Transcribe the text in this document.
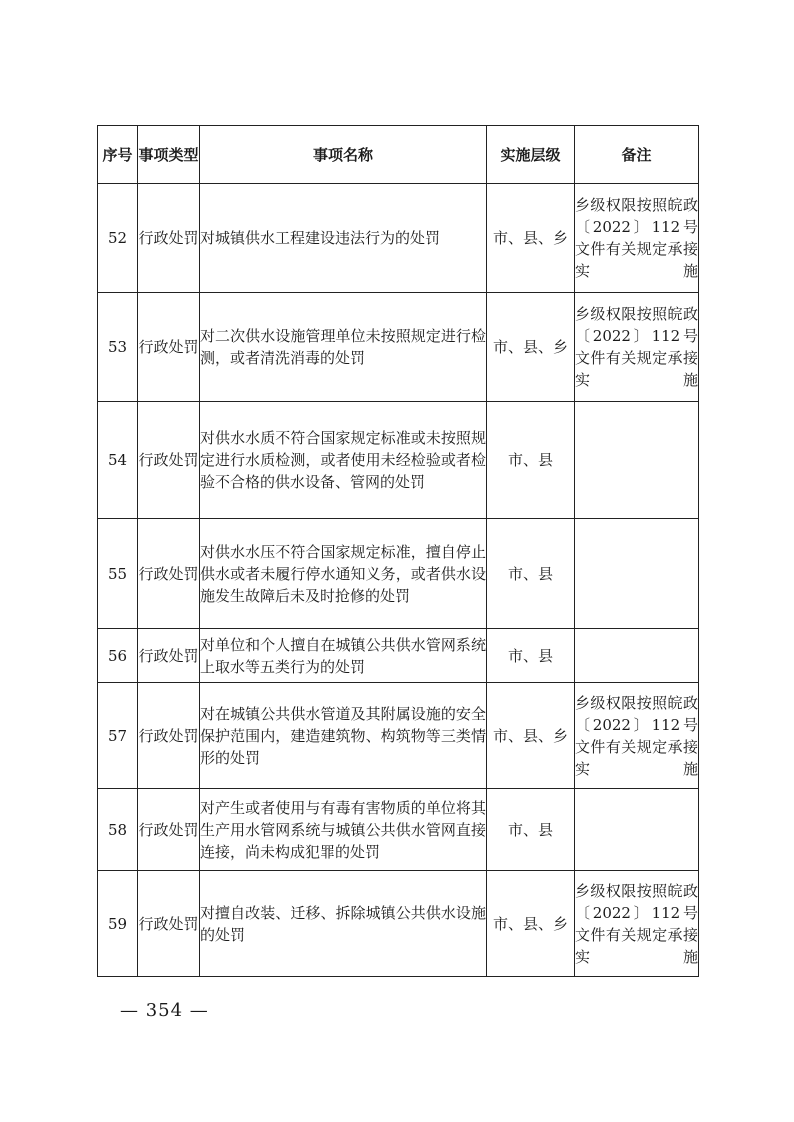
序号	事项类型	事项名称	实施层级	备注
52	行政处罚	对城镇供水工程建设违法行为的处罚	市、县、乡	乡级权限按照皖政〔2022〕112号文件有关规定承接实施
53	行政处罚	对二次供水设施管理单位未按照规定进行检测，或者清洗消毒的处罚	市、县、乡	乡级权限按照皖政〔2022〕112号文件有关规定承接实施
54	行政处罚	对供水水质不符合国家规定标准或未按照规定进行水质检测，或者使用未经检验或者检验不合格的供水设备、管网的处罚	市、县	
55	行政处罚	对供水水压不符合国家规定标准，擅自停止供水或者未履行停水通知义务，或者供水设施发生故障后未及时抢修的处罚	市、县	
56	行政处罚	对单位和个人擅自在城镇公共供水管网系统上取水等五类行为的处罚	市、县	
57	行政处罚	对在城镇公共供水管道及其附属设施的安全保护范围内，建造建筑物、构筑物等三类情形的处罚	市、县、乡	乡级权限按照皖政〔2022〕112号文件有关规定承接实施
58	行政处罚	对产生或者使用与有毒有害物质的单位将其生产用水管网系统与城镇公共供水管网直接连接，尚未构成犯罪的处罚	市、县	
59	行政处罚	对擅自改装、迁移、拆除城镇公共供水设施的处罚	市、县、乡	乡级权限按照皖政〔2022〕112号文件有关规定承接实施
— 354 —
